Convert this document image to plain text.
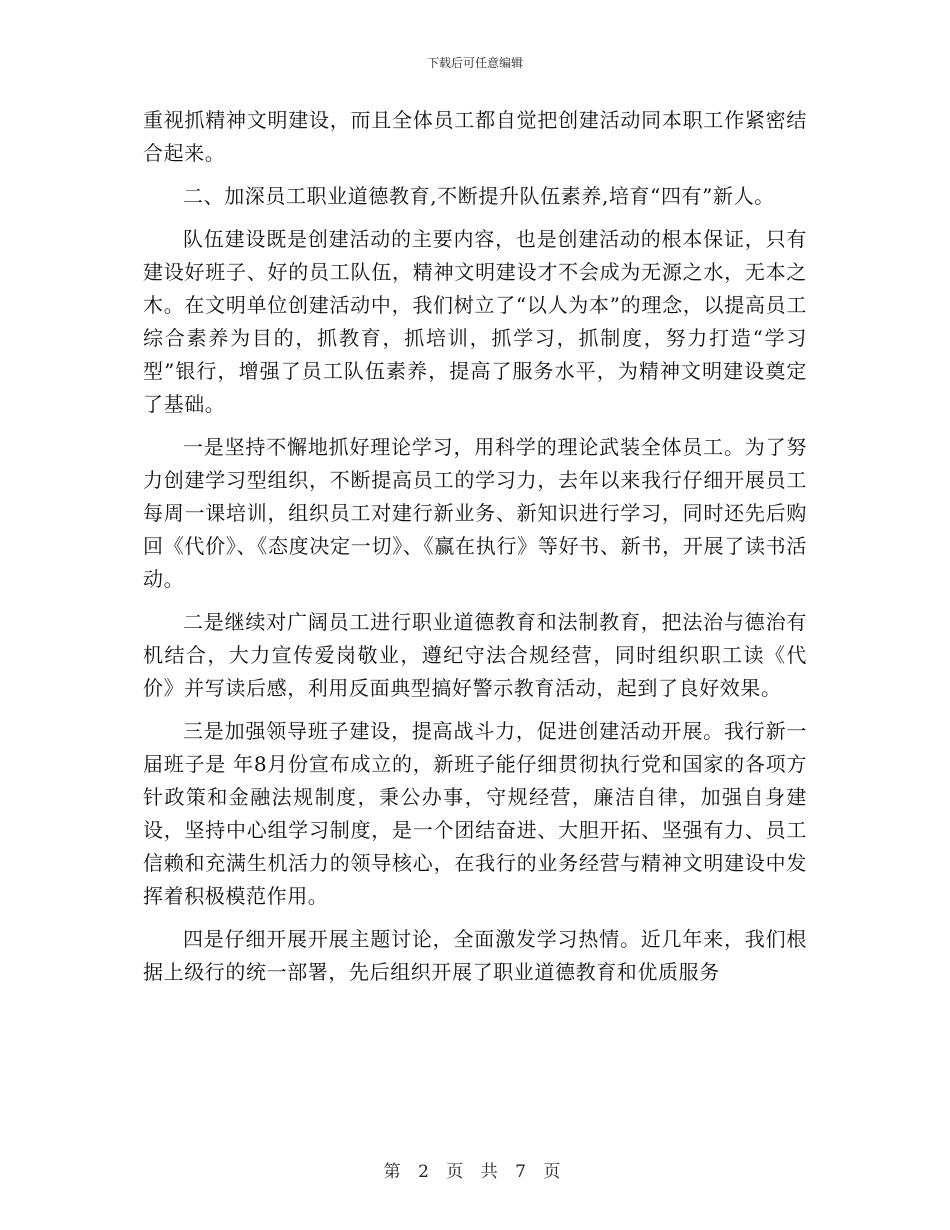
下载后可任意编辑

重视抓精神文明建设，而且全体员工都自觉把创建活动同本职工作紧密结合起来。

二、加深员工职业道德教育,不断提升队伍素养,培育“四有”新人。

队伍建设既是创建活动的主要内容，也是创建活动的根本保证，只有建设好班子、好的员工队伍，精神文明建设才不会成为无源之水，无本之木。在文明单位创建活动中，我们树立了“以人为本”的理念，以提高员工综合素养为目的，抓教育，抓培训，抓学习，抓制度，努力打造“学习型”银行，增强了员工队伍素养，提高了服务水平，为精神文明建设奠定了基础。

一是坚持不懈地抓好理论学习，用科学的理论武装全体员工。为了努力创建学习型组织，不断提高员工的学习力，去年以来我行仔细开展员工每周一课培训，组织员工对建行新业务、新知识进行学习，同时还先后购回《代价》、《态度决定一切》、《赢在执行》等好书、新书，开展了读书活动。

二是继续对广阔员工进行职业道德教育和法制教育，把法治与德治有机结合，大力宣传爱岗敬业，遵纪守法合规经营，同时组织职工读《代价》并写读后感，利用反面典型搞好警示教育活动，起到了良好效果。

三是加强领导班子建设，提高战斗力，促进创建活动开展。我行新一届班子是 年8月份宣布成立的，新班子能仔细贯彻执行党和国家的各项方针政策和金融法规制度，秉公办事，守规经营，廉洁自律，加强自身建设，坚持中心组学习制度，是一个团结奋进、大胆开拓、坚强有力、员工信赖和充满生机活力的领导核心，在我行的业务经营与精神文明建设中发挥着积极模范作用。

四是仔细开展开展主题讨论，全面激发学习热情。近几年来，我们根据上级行的统一部署，先后组织开展了职业道德教育和优质服务

第 2 页 共 7 页
